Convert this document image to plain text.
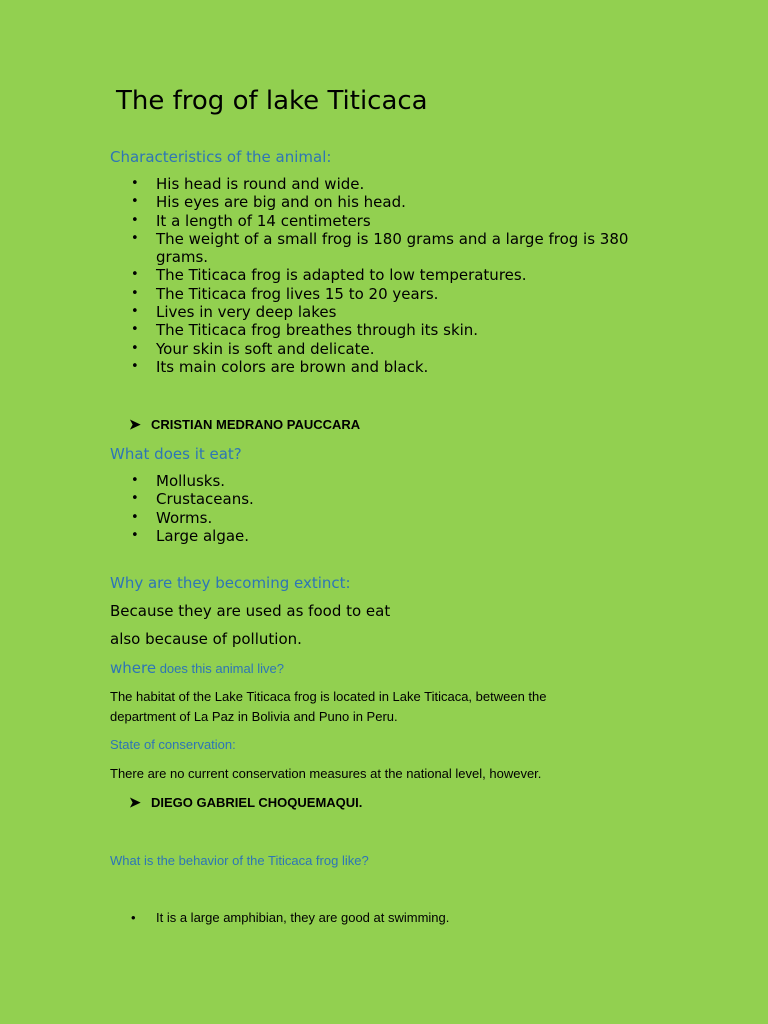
The frog of lake Titicaca
Characteristics of the animal:
• His head is round and wide.
• His eyes are big and on his head.
• It a length of 14 centimeters
• The weight of a small frog is 180 grams and a large frog is 380 grams.
• The Titicaca frog is adapted to low temperatures.
• The Titicaca frog lives 15 to 20 years.
• Lives in very deep lakes
• The Titicaca frog breathes through its skin.
• Your skin is soft and delicate.
• Its main colors are brown and black.
➤ CRISTIAN MEDRANO PAUCCARA
What does it eat?
• Mollusks.
• Crustaceans.
• Worms.
• Large algae.
Why are they becoming extinct:
Because they are used as food to eat
also because of pollution.
where does this animal live?
The habitat of the Lake Titicaca frog is located in Lake Titicaca, between the department of La Paz in Bolivia and Puno in Peru.
State of conservation:
There are no current conservation measures at the national level, however.
➤ DIEGO GABRIEL CHOQUEMAQUI.
What is the behavior of the Titicaca frog like?
• It is a large amphibian, they are good at swimming.
